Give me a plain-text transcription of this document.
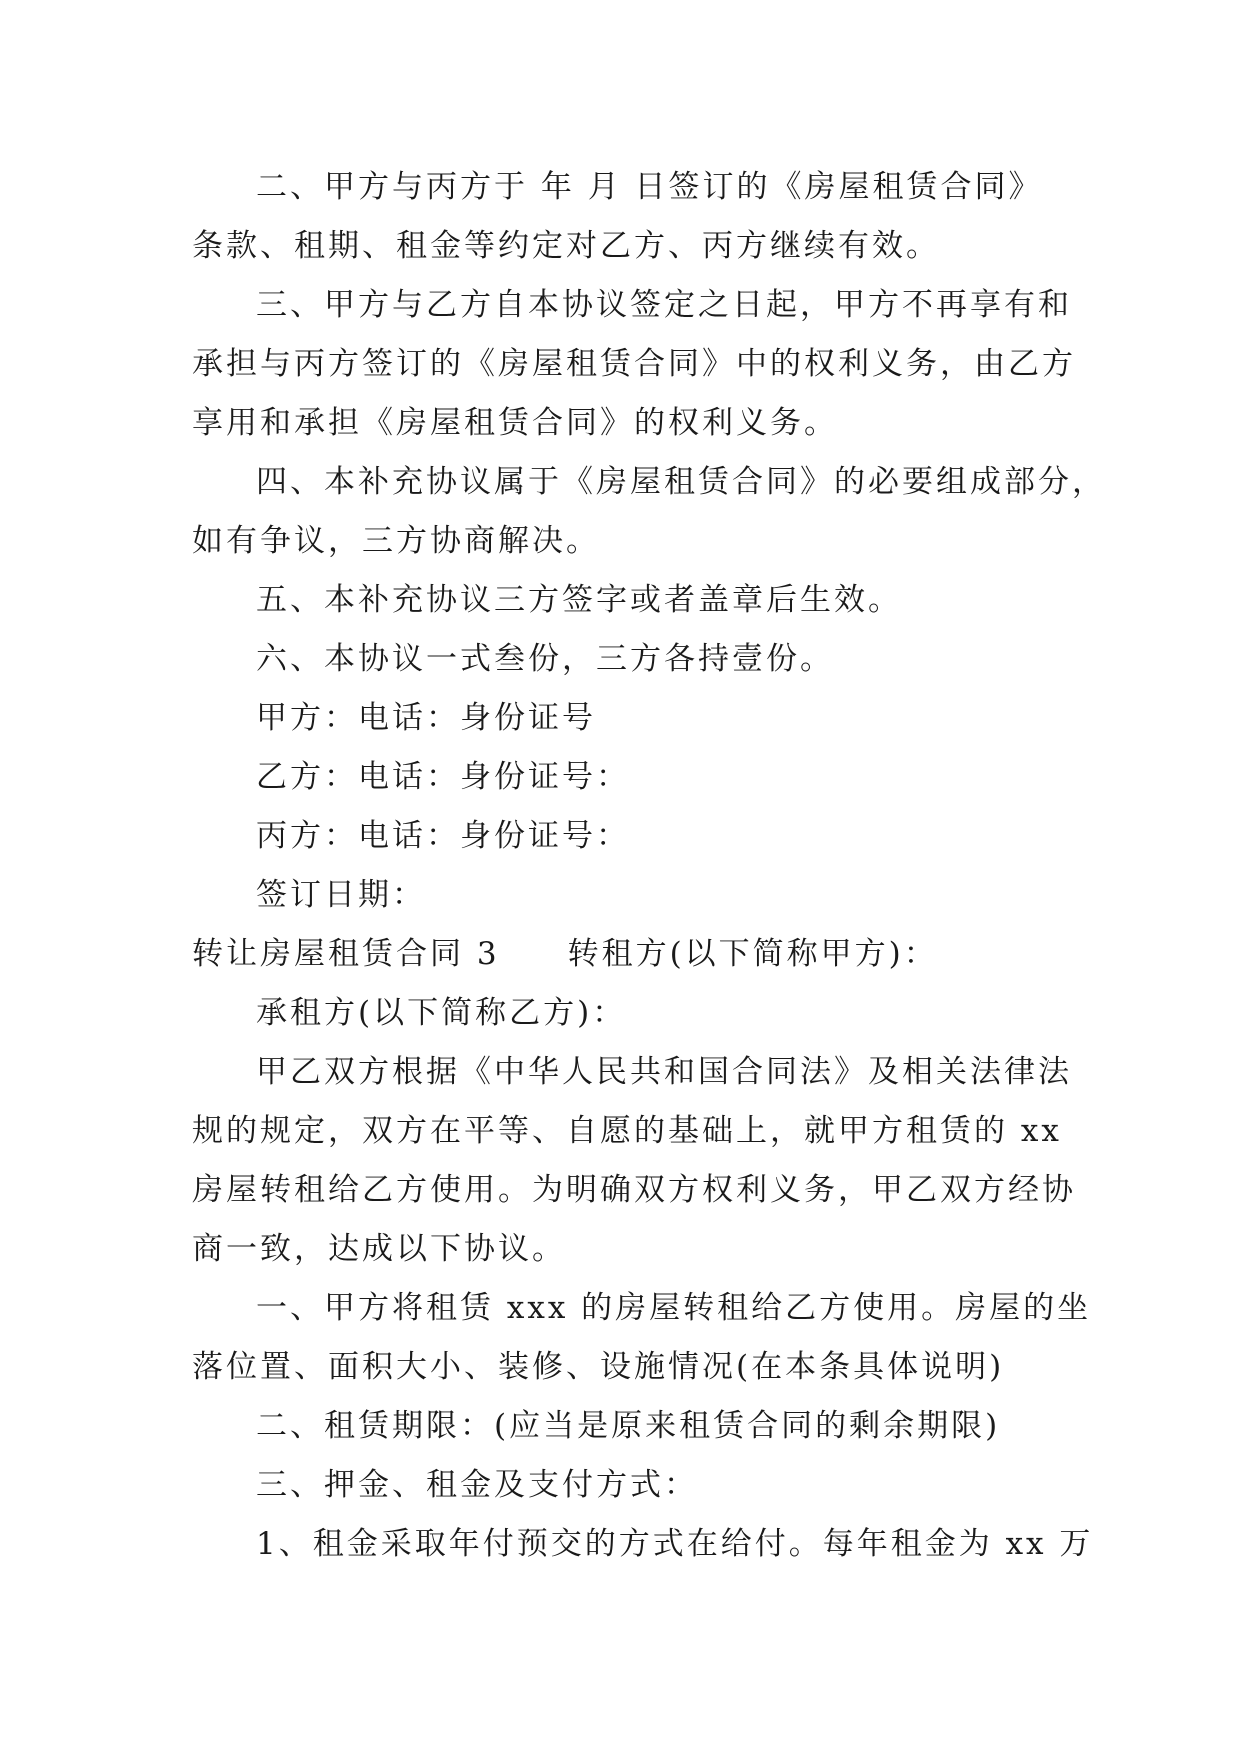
二、甲方与丙方于 年 月 日签订的《房屋租赁合同》
条款、租期、租金等约定对乙方、丙方继续有效。
三、甲方与乙方自本协议签定之日起，甲方不再享有和
承担与丙方签订的《房屋租赁合同》中的权利义务，由乙方
享用和承担《房屋租赁合同》的权利义务。
四、本补充协议属于《房屋租赁合同》的必要组成部分，
如有争议，三方协商解决。
五、本补充协议三方签字或者盖章后生效。
六、本协议一式叁份，三方各持壹份。
甲方：电话：身份证号
乙方：电话：身份证号：
丙方：电话：身份证号：
签订日期：
转让房屋租赁合同 3　　转租方(以下简称甲方)：
承租方(以下简称乙方)：
甲乙双方根据《中华人民共和国合同法》及相关法律法
规的规定，双方在平等、自愿的基础上，就甲方租赁的 xx
房屋转租给乙方使用。为明确双方权利义务，甲乙双方经协
商一致，达成以下协议。
一、甲方将租赁 xxx 的房屋转租给乙方使用。房屋的坐
落位置、面积大小、装修、设施情况(在本条具体说明)
二、租赁期限：(应当是原来租赁合同的剩余期限)
三、押金、租金及支付方式：
1、租金采取年付预交的方式在给付。每年租金为 xx 万
